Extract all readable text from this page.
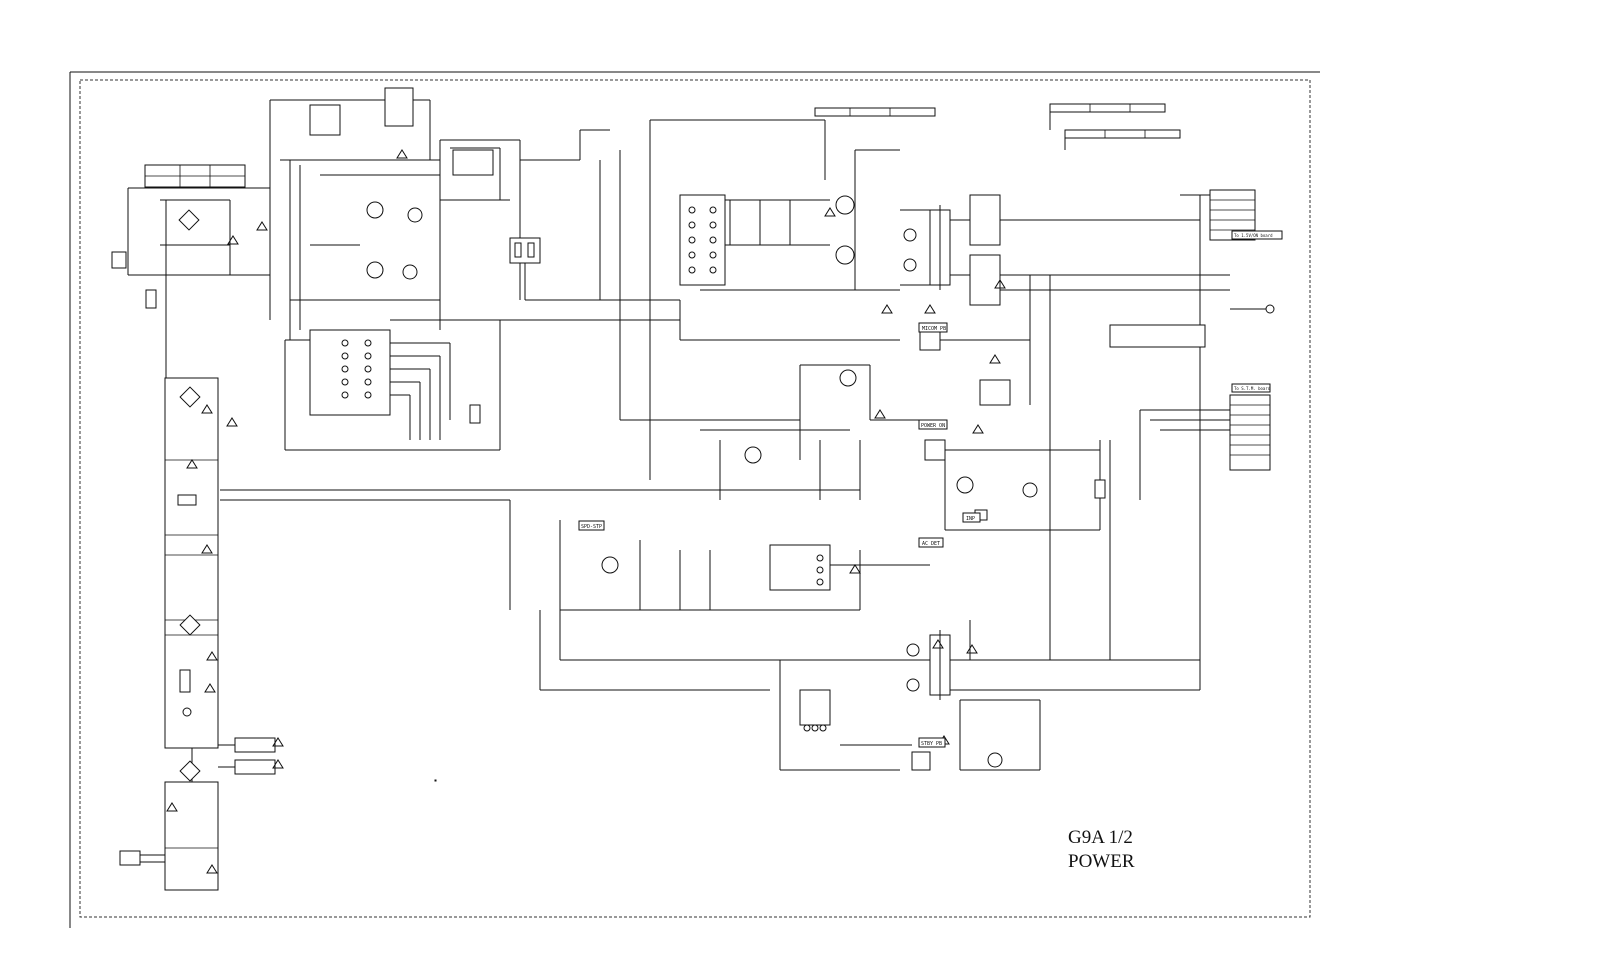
MICOM PB
POWER ON
INP
AC DET
STBY PB
SPD-STP
To 1.5V/ON board
To S.T.M. board
G9A 1/2
POWER
